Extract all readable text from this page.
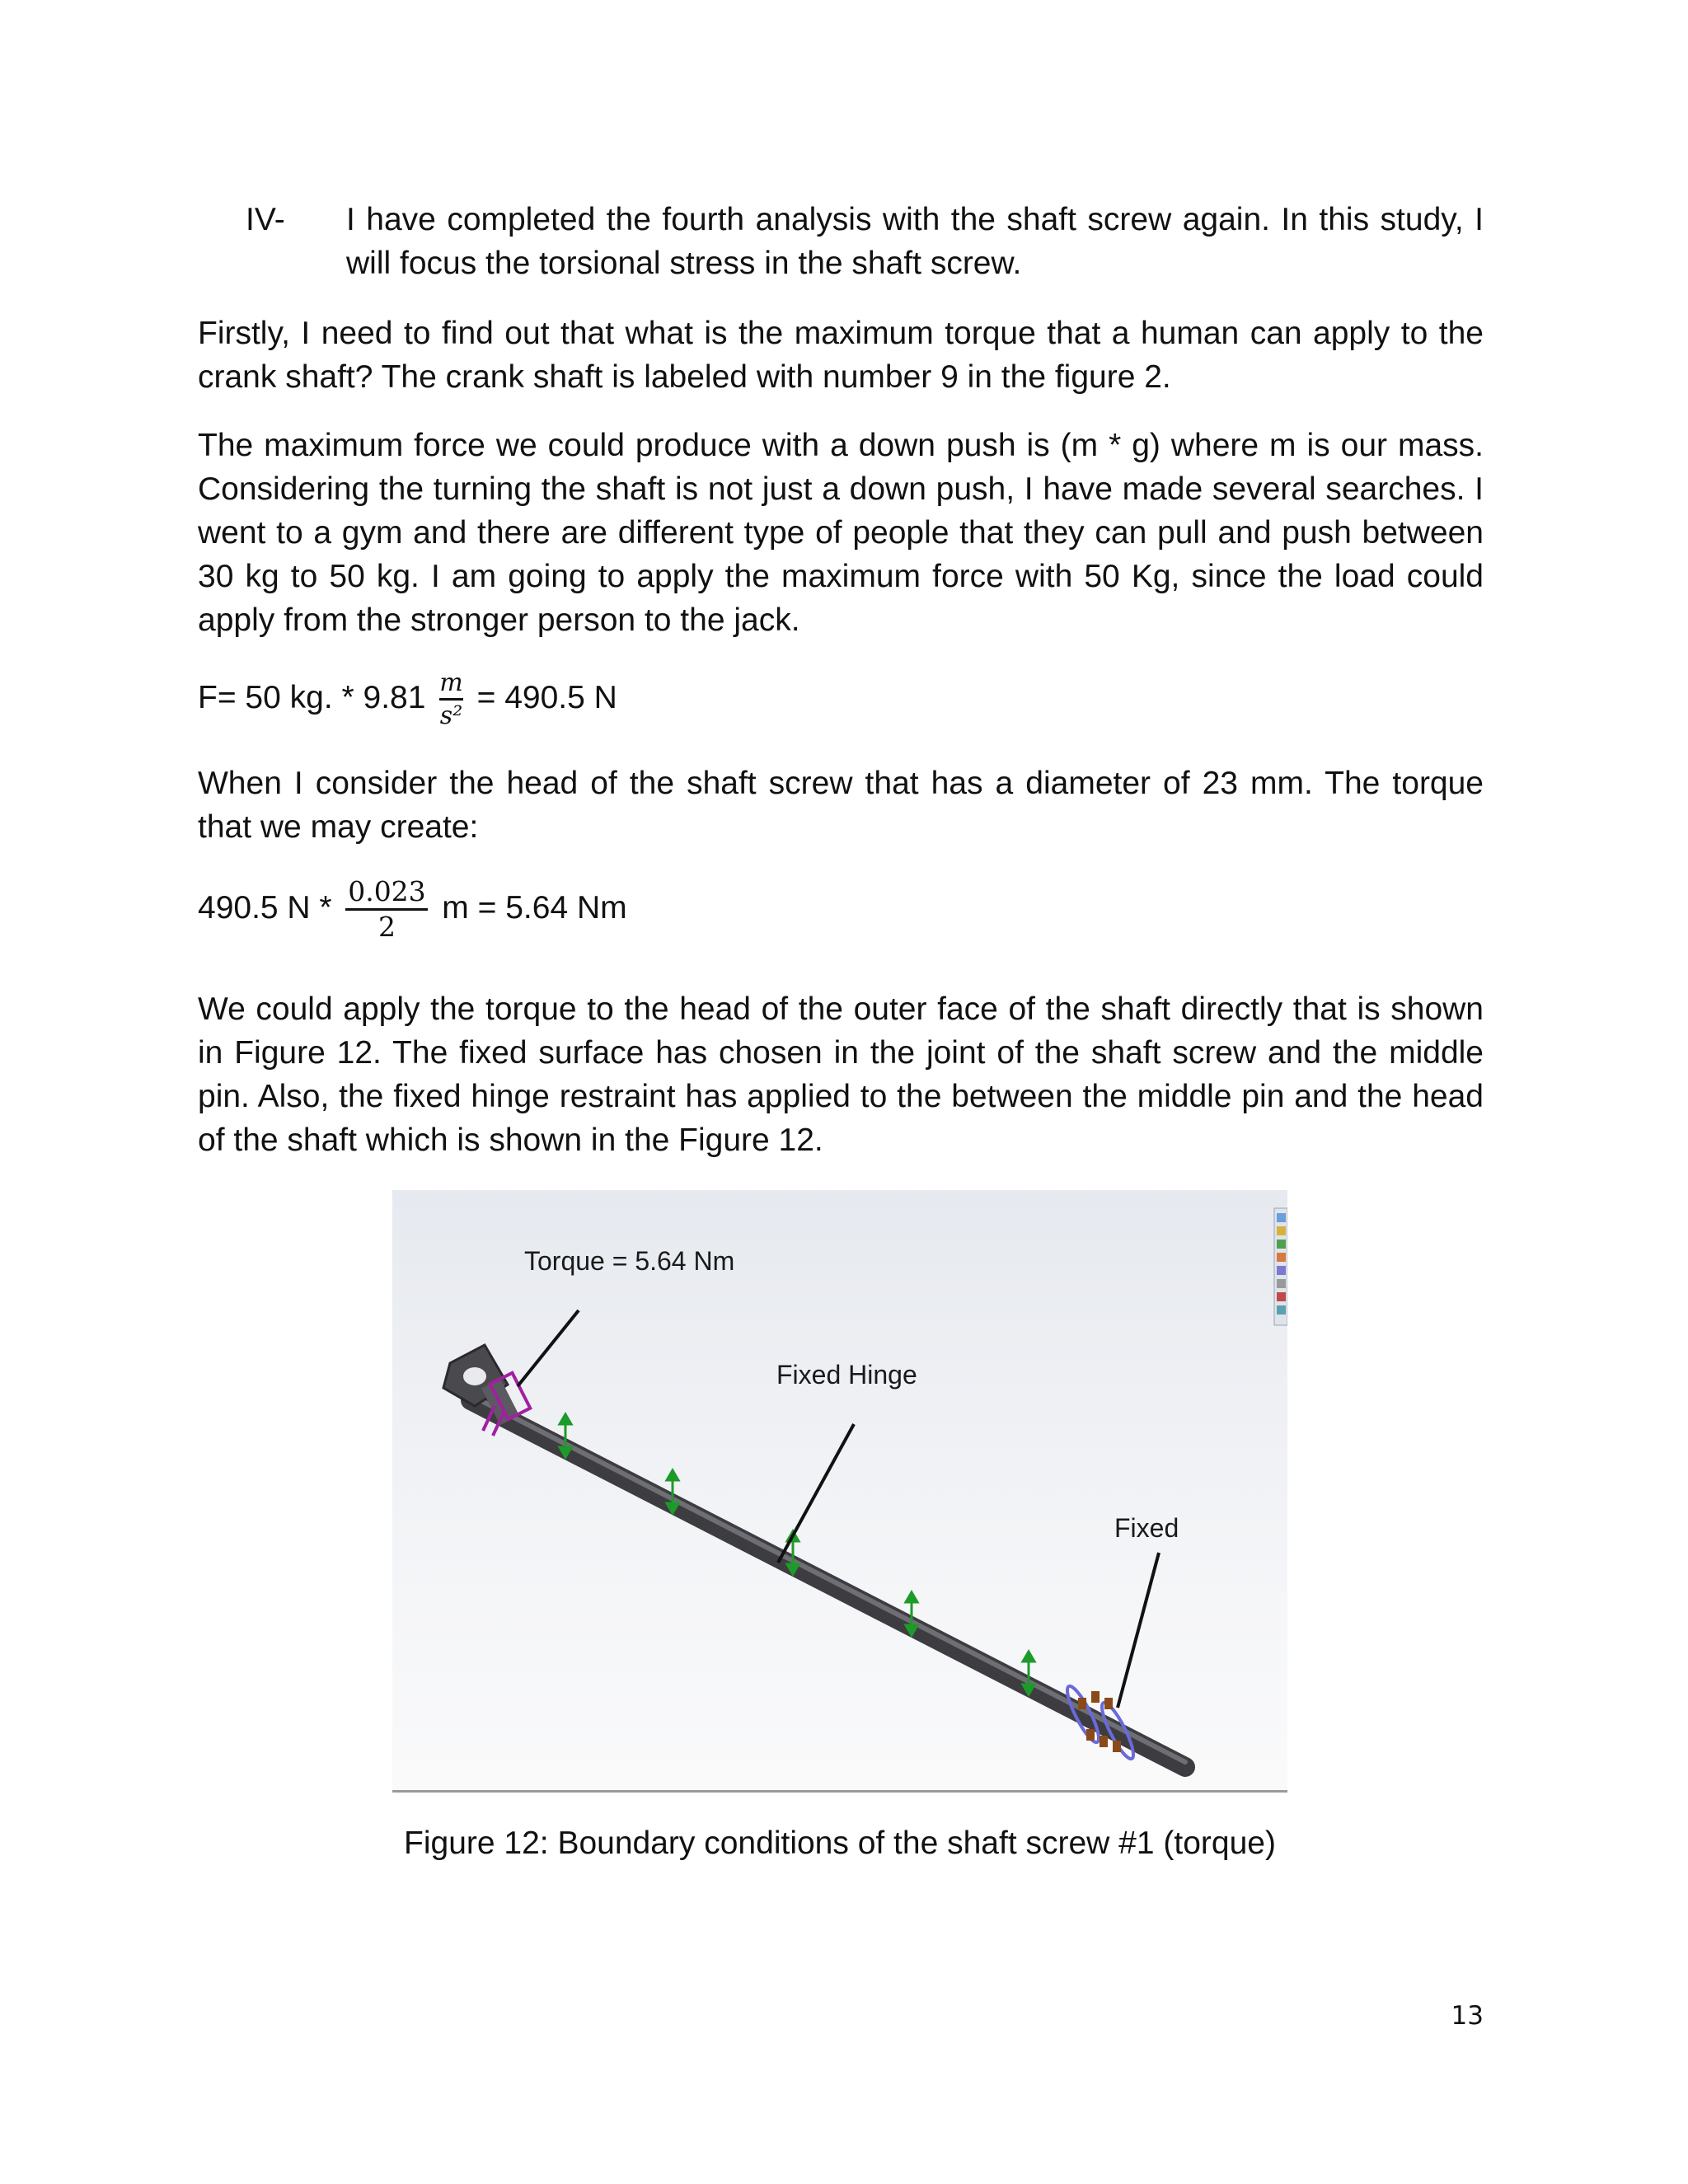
IV- I have completed the fourth analysis with the shaft screw again. In this study, I will focus the torsional stress in the shaft screw.
Firstly, I need to find out that what is the maximum torque that a human can apply to the crank shaft? The crank shaft is labeled with number 9 in the figure 2.
The maximum force we could produce with a down push is (m * g) where m is our mass. Considering the turning the shaft is not just a down push, I have made several searches. I went to a gym and there are different type of people that they can pull and push between 30 kg to 50 kg. I am going to apply the maximum force with 50 Kg, since the load could apply from the stronger person to the jack.
F= 50 kg. * $9.81 \frac{m}{\text{s²}} = 490.5$ N
When I consider the head of the shaft screw that has a diameter of 23 mm. The torque that we may create:
490.5 N * $\frac{0.023}{2}$ m = 5.64 Nm
We could apply the torque to the head of the outer face of the shaft directly that is shown in Figure 12. The fixed surface has chosen in the joint of the shaft screw and the middle pin. Also, the fixed hinge restraint has applied to the between the middle pin and the head of the shaft which is shown in the Figure 12.
Torque = 5.64 Nm
Fixed Hinge
Fixed
Figure 12: Boundary conditions of the shaft screw #1 (torque)
13
